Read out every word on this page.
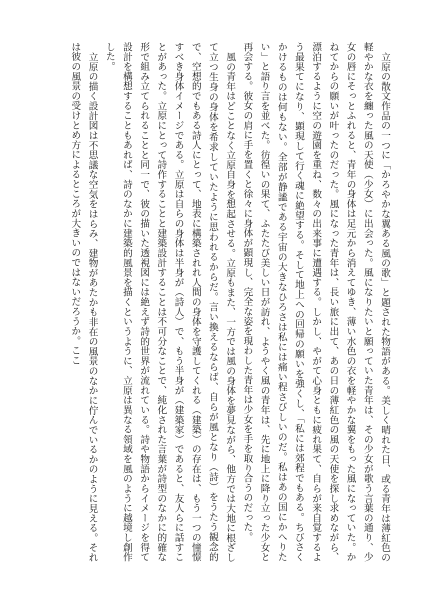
立原の散文作品の一つに「かろやかな翼ある風の歌」と題された物語がある。美しく晴れた日、或る青年は薄紅色の軽やかな衣を纏った風の天使（少女）に出会った。風になりたいと願っていた青年は、その少女が歌う言葉の通り、少女の唇にそっとふれると、青年の身体は足元から消えてゆき、薄い水色の衣を軽やかな翼をもった風になっていた。かねてからの願いが叶ったのだった。風になった青年は、長い旅に出て、あの日の薄紅色の風の天使を探し求めながら、漂泊するように空の遊園を重ね、数々の出来事に遭遇する。しかし、やがて心身ともに疲れ果て、自らが来自覚するよう最果てになり、顕現して行く魂に絶望する。そして地上への回帰の願いを強くし、「私には郊程でもある。ちびさくかけるものは何もない。全部が静謐である宇宙の大きなひろさは私には痛い程さびしいのだ。私はあの国にかへりたい」と語り言を並べた。彷徨いの果て、ふたたび美しい日が訪れ、ようやく風の青年は、先に地上に降り立った少女と再会する。彼女の肩に手を置くと徐々に身体が顕現し、完全な姿を現わした青年は少女を手を取り合うのだった。

風の青年はどことなく立原自身を想起させる。立原もまた、一方では風の身体を夢見ながら、他方では大地に根ざして立つ生身の身体を希求していたように思われるからだ。言い換えるならば、自らが風となり（詩）をうたう観念的で、空想的でもある詩人にとって、地表に構築されれ人間の身体を守護してくれる（建築）の存在は、もう一つの憧憬すべき身体イメージである。立原は自らの身体は半身が（詩人）で、もう半身が（建築家）であると、友人らに話すことがあった。立原にとって詩作することと建築設計することは不可分なことで、純化された言葉が詩型のなかに的確な形で組み立てられることと同一で、彼の描いた透視図には絶えず詩的世界が流れている。詩や物語からイメージを得て設計を構想することもあれば、詩のなかに建築的風景を描くというように、立原は異なる領域を風のように越境し創作した。

立原の描く設計図は不思議な空気をはらみ、建物があたかも非在の風景のなかに佇んでいるかのように見える。それは彼の風景の受けとめ方によるところが大きいのではないだろうか。ここ
